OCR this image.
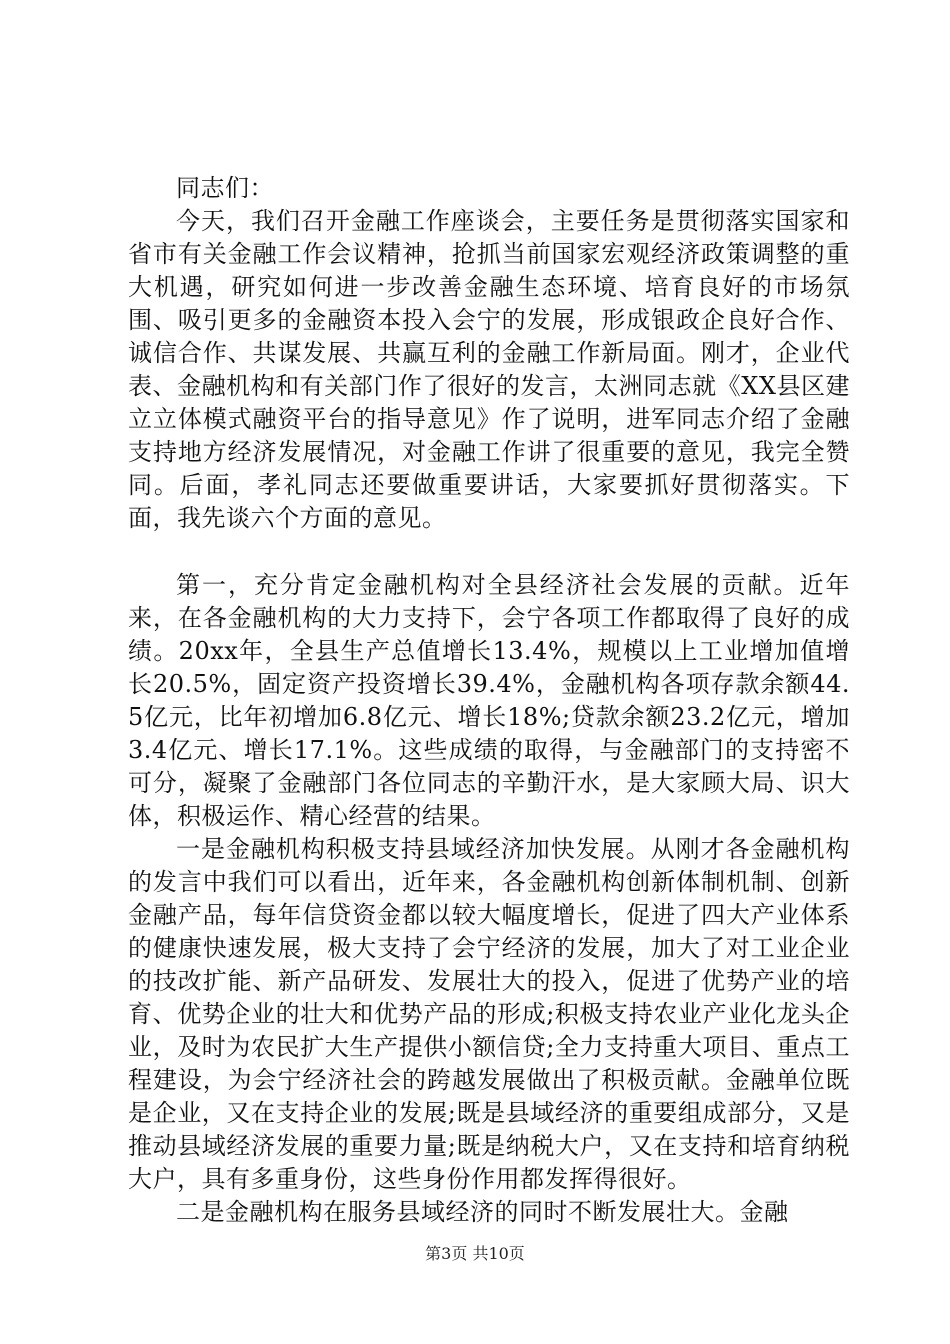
同志们：

今天，我们召开金融工作座谈会，主要任务是贯彻落实国家和省市有关金融工作会议精神，抢抓当前国家宏观经济政策调整的重大机遇，研究如何进一步改善金融生态环境、培育良好的市场氛围、吸引更多的金融资本投入会宁的发展，形成银政企良好合作、诚信合作、共谋发展、共赢互利的金融工作新局面。刚才，企业代表、金融机构和有关部门作了很好的发言，太洲同志就《XX县区建立立体模式融资平台的指导意见》作了说明，进军同志介绍了金融支持地方经济发展情况，对金融工作讲了很重要的意见，我完全赞同。后面，孝礼同志还要做重要讲话，大家要抓好贯彻落实。下面，我先谈六个方面的意见。

第一，充分肯定金融机构对全县经济社会发展的贡献。近年来，在各金融机构的大力支持下，会宁各项工作都取得了良好的成绩。20xx年，全县生产总值增长13.4%，规模以上工业增加值增长20.5%，固定资产投资增长39.4%，金融机构各项存款余额44.5亿元，比年初增加6.8亿元、增长18%;贷款余额23.2亿元，增加3.4亿元、增长17.1%。这些成绩的取得，与金融部门的支持密不可分，凝聚了金融部门各位同志的辛勤汗水，是大家顾大局、识大体，积极运作、精心经营的结果。

一是金融机构积极支持县域经济加快发展。从刚才各金融机构的发言中我们可以看出，近年来，各金融机构创新体制机制、创新金融产品，每年信贷资金都以较大幅度增长，促进了四大产业体系的健康快速发展，极大支持了会宁经济的发展，加大了对工业企业的技改扩能、新产品研发、发展壮大的投入，促进了优势产业的培育、优势企业的壮大和优势产品的形成;积极支持农业产业化龙头企业，及时为农民扩大生产提供小额信贷;全力支持重大项目、重点工程建设，为会宁经济社会的跨越发展做出了积极贡献。金融单位既是企业，又在支持企业的发展;既是县域经济的重要组成部分，又是推动县域经济发展的重要力量;既是纳税大户，又在支持和培育纳税大户，具有多重身份，这些身份作用都发挥得很好。

二是金融机构在服务县域经济的同时不断发展壮大。金融

第3页 共10页
